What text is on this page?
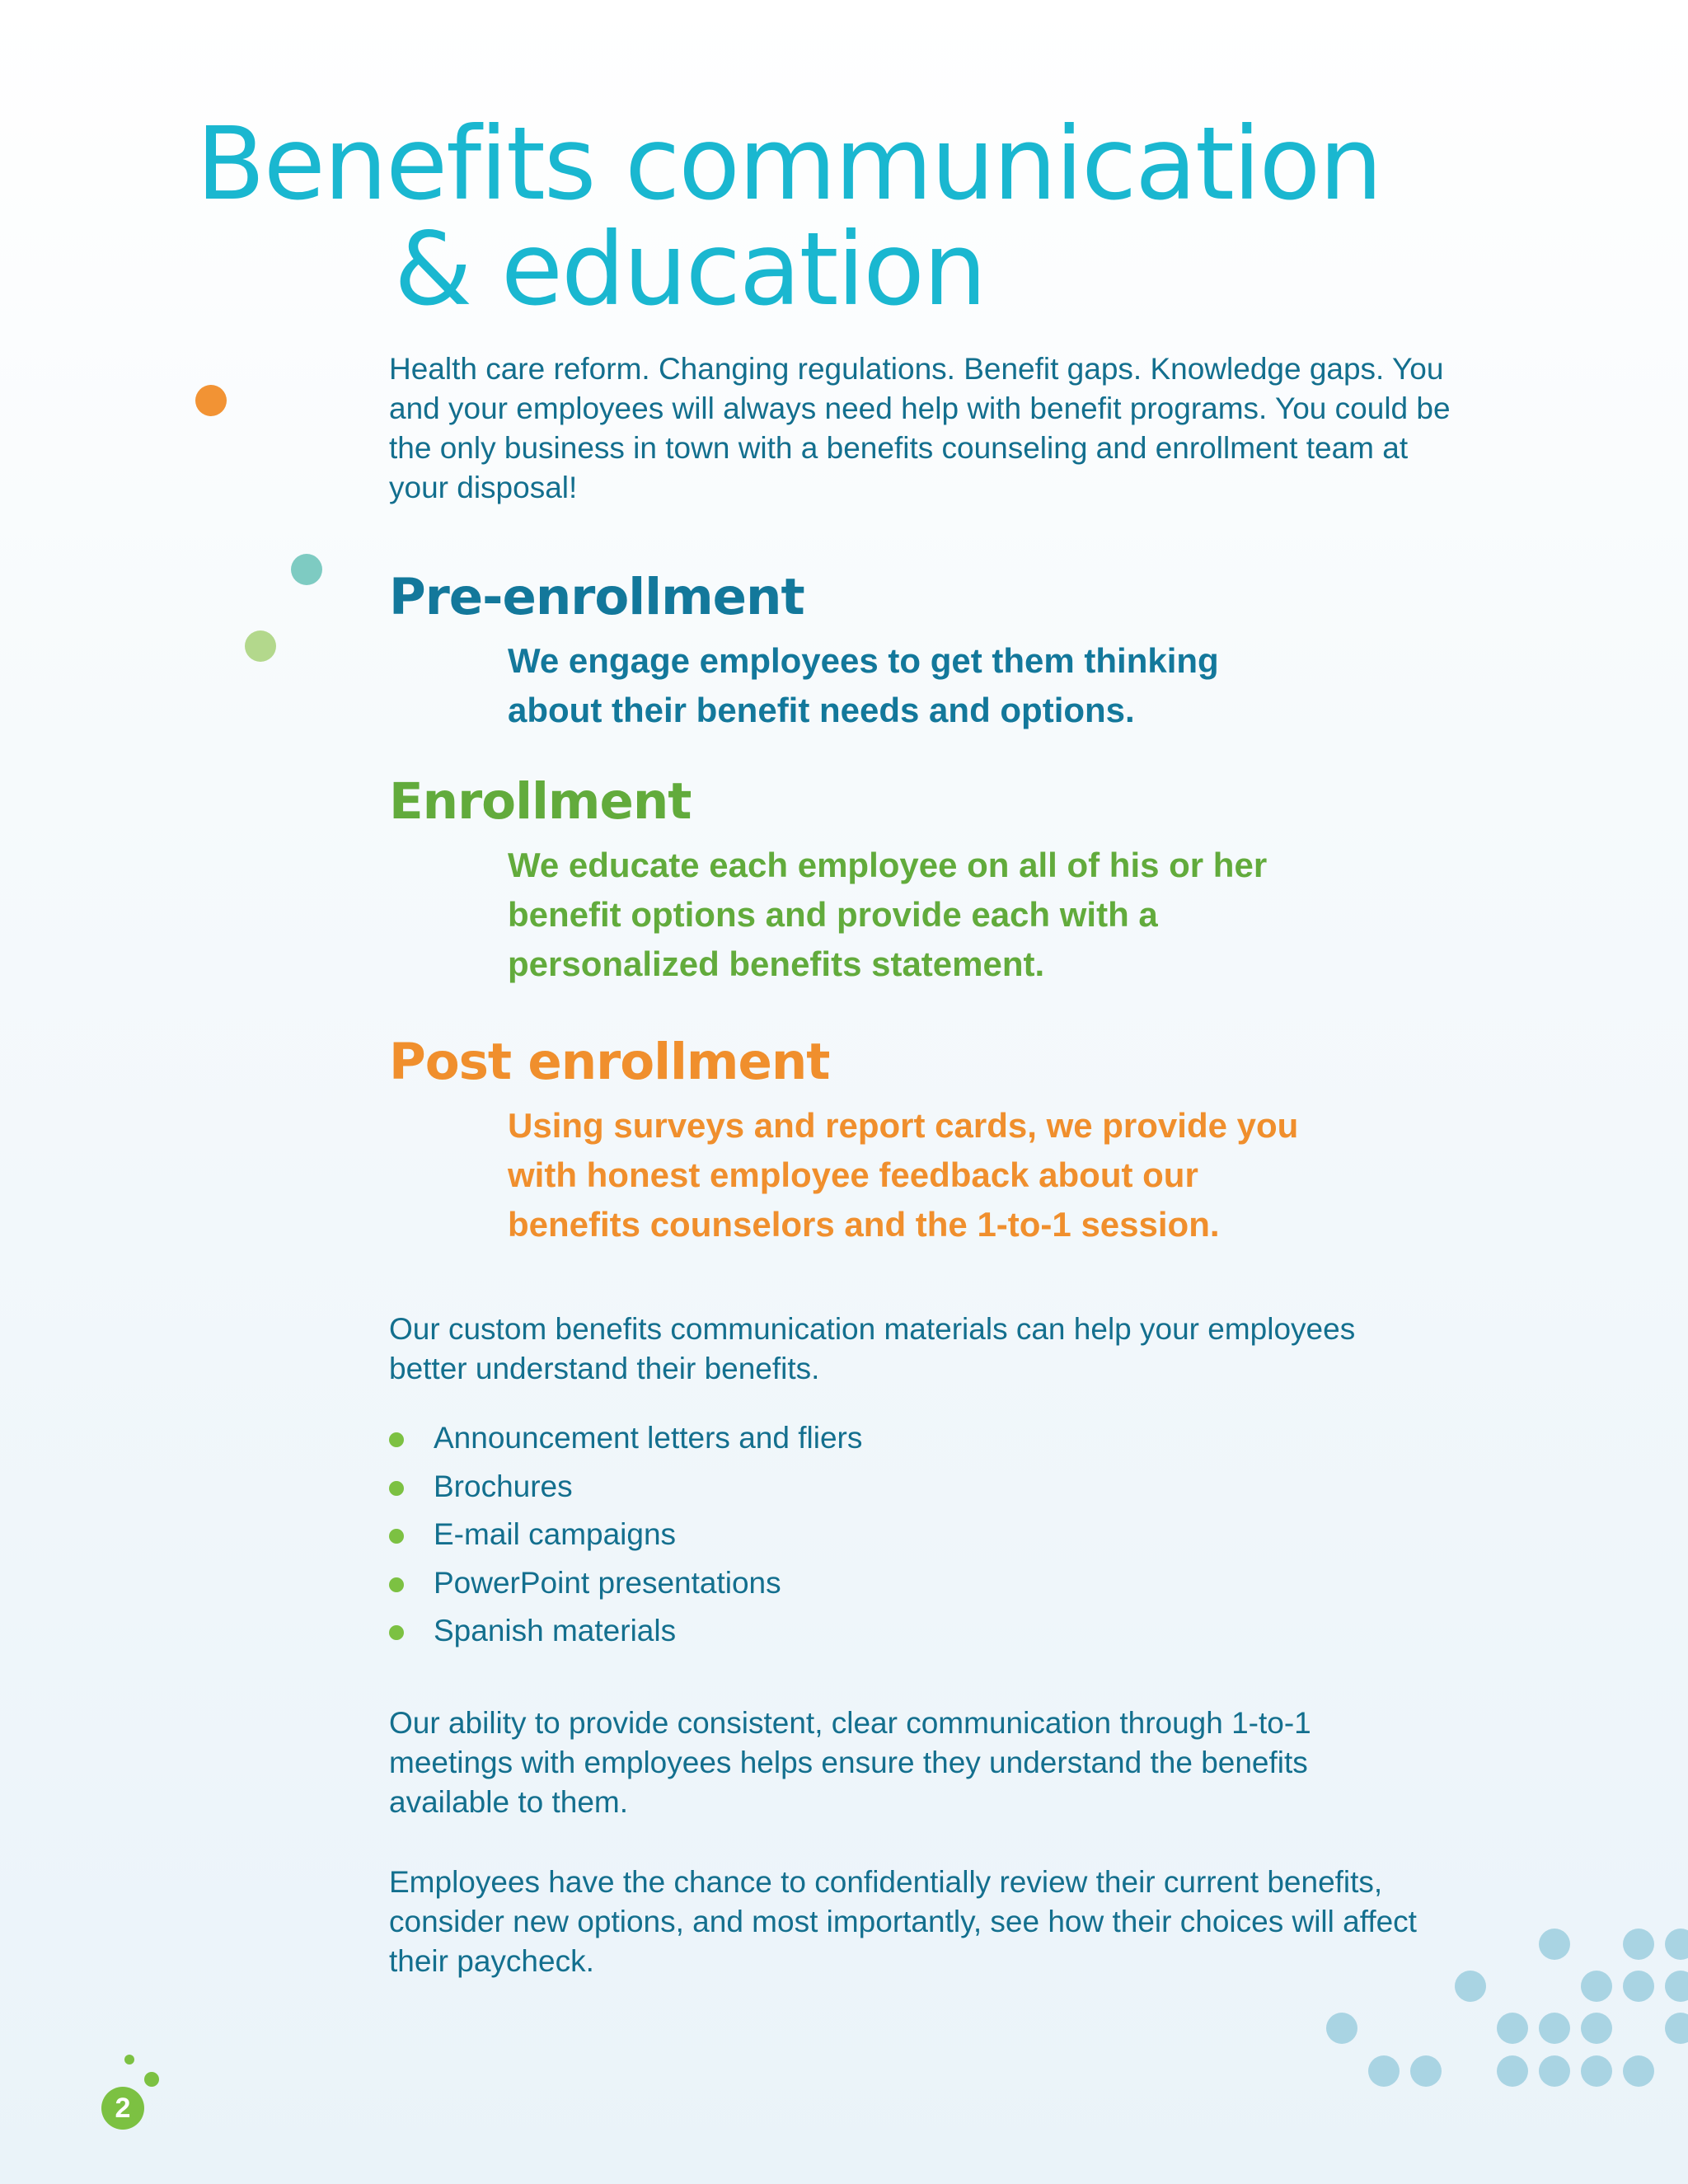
Benefits communication
& education

Health care reform. Changing regulations. Benefit gaps. Knowledge gaps. You and your employees will always need help with benefit programs. You could be the only business in town with a benefits counseling and enrollment team at your disposal!

Pre-enrollment

We engage employees to get them thinking about their benefit needs and options.

Enrollment

We educate each employee on all of his or her benefit options and provide each with a personalized benefits statement.

Post enrollment

Using surveys and report cards, we provide you with honest employee feedback about our benefits counselors and the 1-to-1 session.

Our custom benefits communication materials can help your employees better understand their benefits.

Announcement letters and fliers
Brochures
E-mail campaigns
PowerPoint presentations
Spanish materials

Our ability to provide consistent, clear communication through 1-to-1 meetings with employees helps ensure they understand the benefits available to them.

Employees have the chance to confidentially review their current benefits, consider new options, and most importantly, see how their choices will affect their paycheck.

2
